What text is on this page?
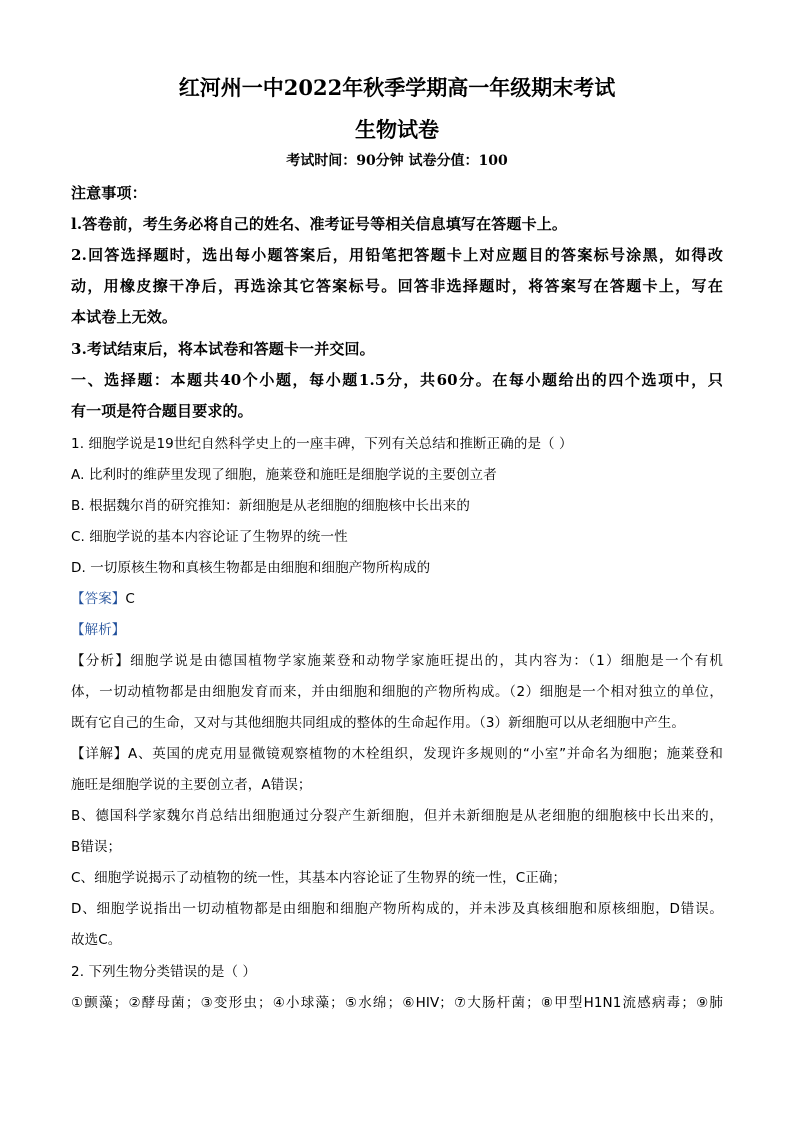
红河州一中2022年秋季学期高一年级期末考试
生物试卷
考试时间：90分钟 试卷分值：100
注意事项：
l.答卷前，考生务必将自己的姓名、准考证号等相关信息填写在答题卡上。
2.回答选择题时，选出每小题答案后，用铅笔把答题卡上对应题目的答案标号涂黑，如得改
动，用橡皮擦干净后，再选涂其它答案标号。回答非选择题时，将答案写在答题卡上，写在
本试卷上无效。
3.考试结束后，将本试卷和答题卡一并交回。
一、选择题：本题共40个小题，每小题1.5分，共60分。在每小题给出的四个选项中，只
有一项是符合题目要求的。
1. 细胞学说是19世纪自然科学史上的一座丰碑，下列有关总结和推断正确的是（ ）
A. 比利时的维萨里发现了细胞，施莱登和施旺是细胞学说的主要创立者
B. 根据魏尔肖的研究推知：新细胞是从老细胞的细胞核中长出来的
C. 细胞学说的基本内容论证了生物界的统一性
D. 一切原核生物和真核生物都是由细胞和细胞产物所构成的
【答案】C
【解析】
【分析】细胞学说是由德国植物学家施莱登和动物学家施旺提出的，其内容为：（1）细胞是一个有机
体，一切动植物都是由细胞发育而来，并由细胞和细胞的产物所构成。（2）细胞是一个相对独立的单位，
既有它自己的生命，又对与其他细胞共同组成的整体的生命起作用。（3）新细胞可以从老细胞中产生。
【详解】A、英国的虎克用显微镜观察植物的木栓组织，发现许多规则的“小室”并命名为细胞；施莱登和
施旺是细胞学说的主要创立者，A错误；
B、德国科学家魏尔肖总结出细胞通过分裂产生新细胞，但并未新细胞是从老细胞的细胞核中长出来的，
B错误；
C、细胞学说揭示了动植物的统一性，其基本内容论证了生物界的统一性，C正确；
D、细胞学说指出一切动植物都是由细胞和细胞产物所构成的，并未涉及真核细胞和原核细胞，D错误。
故选C。
2. 下列生物分类错误的是（ ）
①颤藻；②酵母菌；③变形虫；④小球藻；⑤水绵；⑥HIV；⑦大肠杆菌；⑧甲型H1N1流感病毒；⑨肺
